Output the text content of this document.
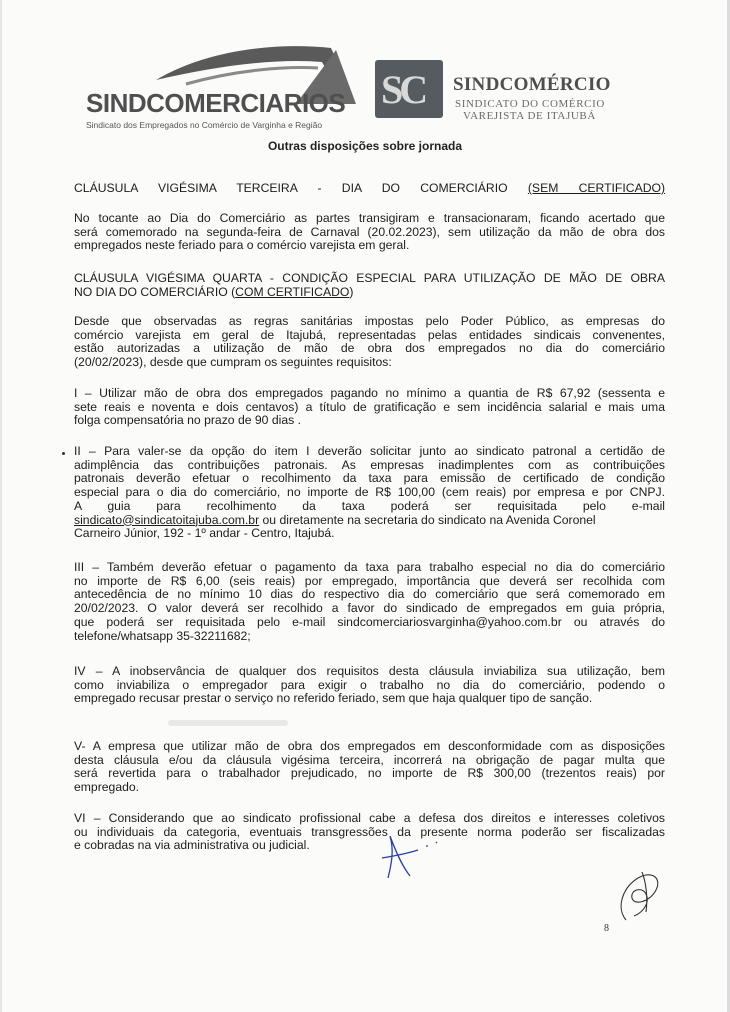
SINDCOMERCIARIOS
Sindicato dos Empregados no Comércio de Varginha e Região
SC SINDCOMÉRCIO
SINDICATO DO COMÉRCIO
VAREJISTA DE ITAJUBÁ
Outras disposições sobre jornada
CLÁUSULA VIGÉSIMA TERCEIRA - DIA DO COMERCIÁRIO (SEM CERTIFICADO)
No tocante ao Dia do Comerciário as partes transigiram e transacionaram, ficando acertado que
será comemorado na segunda-feira de Carnaval (20.02.2023), sem utilização da mão de obra dos
empregados neste feriado para o comércio varejista em geral.
CLÁUSULA VIGÉSIMA QUARTA - CONDIÇÃO ESPECIAL PARA UTILIZAÇÃO DE MÃO DE OBRA
NO DIA DO COMERCIÁRIO (COM CERTIFICADO)
Desde que observadas as regras sanitárias impostas pelo Poder Público, as empresas do
comércio varejista em geral de Itajubá, representadas pelas entidades sindicais convenentes,
estão autorizadas a utilização de mão de obra dos empregados no dia do comerciário
(20/02/2023), desde que cumpram os seguintes requisitos:
I – Utilizar mão de obra dos empregados pagando no mínimo a quantia de R$ 67,92 (sessenta e
sete reais e noventa e dois centavos) a título de gratificação e sem incidência salarial e mais uma
folga compensatória no prazo de 90 dias .
II – Para valer-se da opção do item I deverão solicitar junto ao sindicato patronal a certidão de
adimplência das contribuições patronais. As empresas inadimplentes com as contribuições
patronais deverão efetuar o recolhimento da taxa para emissão de certificado de condição
especial para o dia do comerciário, no importe de R$ 100,00 (cem reais) por empresa e por CNPJ.
A guia para recolhimento da taxa poderá ser requisitada pelo e-mail
sindicato@sindicatoitajuba.com.br ou diretamente na secretaria do sindicato na Avenida Coronel
Carneiro Júnior, 192 - 1º andar - Centro, Itajubá.
III – Também deverão efetuar o pagamento da taxa para trabalho especial no dia do comerciário
no importe de R$ 6,00 (seis reais) por empregado, importância que deverá ser recolhida com
antecedência de no mínimo 10 dias do respectivo dia do comerciário que será comemorado em
20/02/2023. O valor deverá ser recolhido a favor do sindicado de empregados em guia própria,
que poderá ser requisitada pelo e-mail sindcomerciariosvarginha@yahoo.com.br ou através do
telefone/whatsapp 35-32211682;
IV – A inobservância de qualquer dos requisitos desta cláusula inviabiliza sua utilização, bem
como inviabiliza o empregador para exigir o trabalho no dia do comerciário, podendo o
empregado recusar prestar o serviço no referido feriado, sem que haja qualquer tipo de sanção.
V- A empresa que utilizar mão de obra dos empregados em desconformidade com as disposições
desta cláusula e/ou da cláusula vigésima terceira, incorrerá na obrigação de pagar multa que
será revertida para o trabalhador prejudicado, no importe de R$ 300,00 (trezentos reais) por
empregado.
VI – Considerando que ao sindicato profissional cabe a defesa dos direitos e interesses coletivos
ou individuais da categoria, eventuais transgressões da presente norma poderão ser fiscalizadas
e cobradas na via administrativa ou judicial.
8
